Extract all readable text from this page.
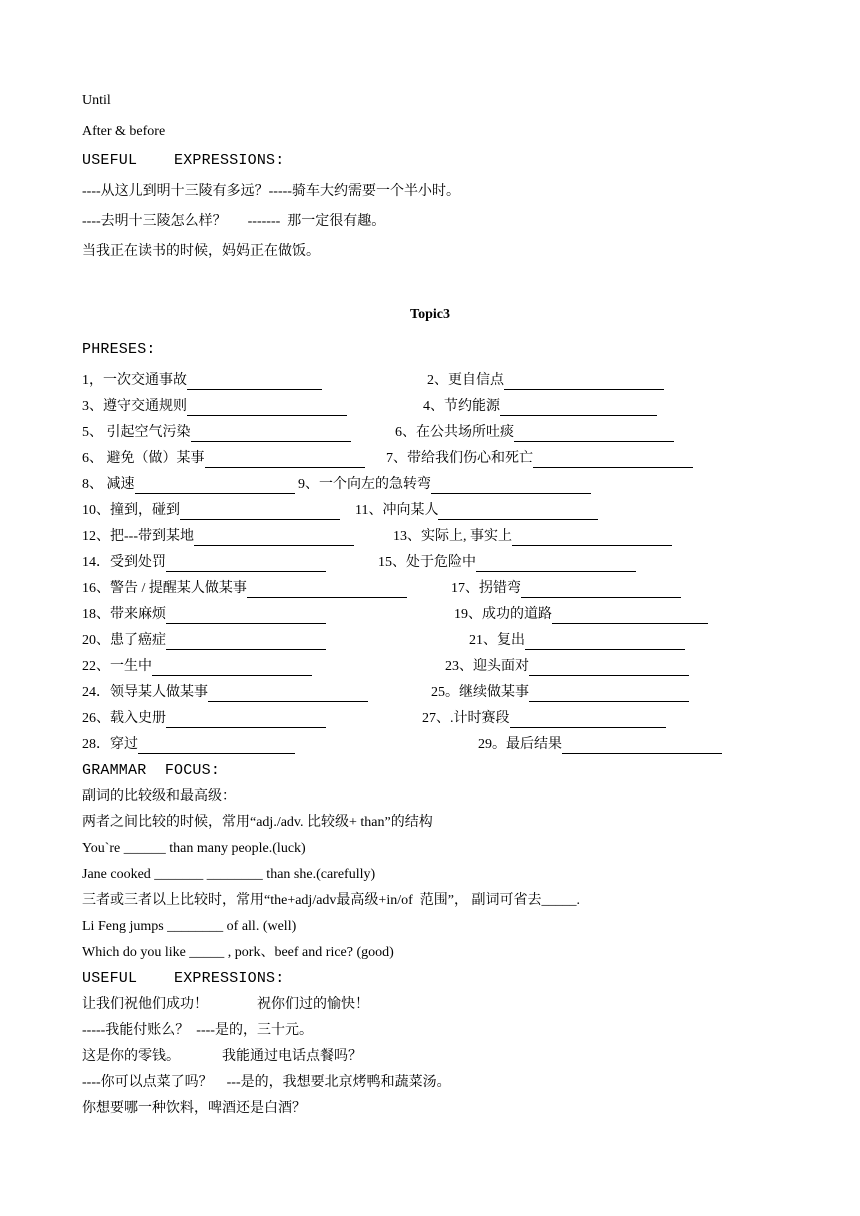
Until
After & before
USEFUL    EXPRESSIONS:
----从这儿到明十三陵有多远？-----骑车大约需要一个半小时。
----去明十三陵怎么样？      -------  那一定很有趣。
当我正在读书的时候，妈妈正在做饭。
Topic3
PHRESES:
1，一次交通事故	2、更自信点
3、遵守交通规则	4、节约能源
5、 引起空气污染	6、在公共场所吐痰
6、 避免（做）某事	7、带给我们伤心和死亡
8、 减速	9、一个向左的急转弯
10、撞到，碰到	11、冲向某人
12、把---带到某地	13、实际上, 事实上
14．受到处罚	15、处于危险中
16、警告 / 提醒某人做某事	17、拐错弯
18、带来麻烦	19、成功的道路
20、患了癌症	21、复出
22、一生中	23、迎头面对
24．领导某人做某事	25。继续做某事
26、载入史册	27、.计时赛段
28．穿过	29。最后结果
GRAMMAR  FOCUS:
副词的比较级和最高级：
两者之间比较的时候，常用“adj./adv. 比较级+ than”的结构
You`re ______ than many people.(luck)
Jane cooked _______ ________ than she.(carefully)
三者或三者以上比较时，常用“the+adj/adv最高级+in/of  范围”， 副词可省去_____.
Li Feng jumps ________ of all. (well)
Which do you like _____ , pork、beef and rice? (good)
USEFUL    EXPRESSIONS:
让我们祝他们成功！              祝你们过的愉快！
-----我能付账么？  ----是的，三十元。
这是你的零钱。            我能通过电话点餐吗？
----你可以点菜了吗？    ---是的，我想要北京烤鸭和蔬菜汤。
你想要哪一种饮料，啤酒还是白酒？
